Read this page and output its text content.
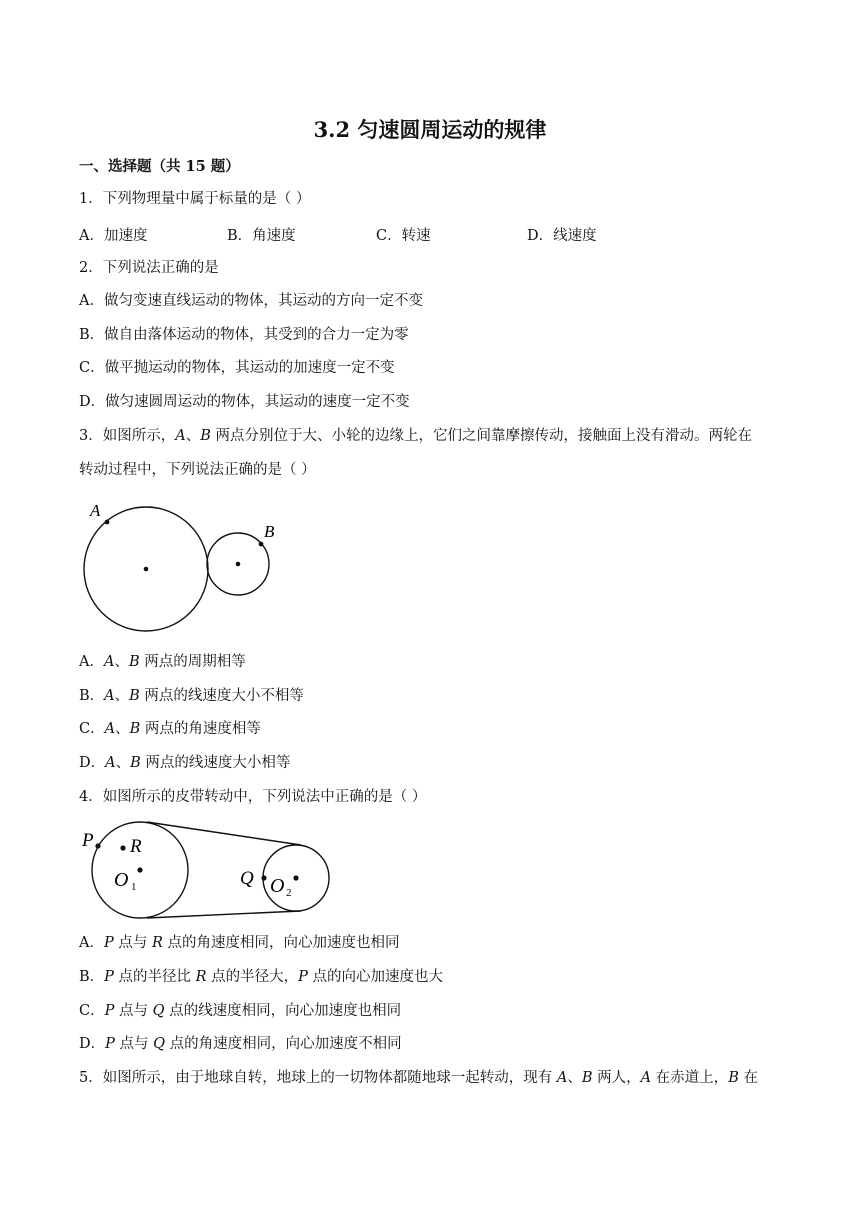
3.2 匀速圆周运动的规律
一、选择题（共 15 题）
1．下列物理量中属于标量的是（ ）
A．加速度	B．角速度	C．转速	D．线速度
2．下列说法正确的是
A．做匀变速直线运动的物体，其运动的方向一定不变
B．做自由落体运动的物体，其受到的合力一定为零
C．做平抛运动的物体，其运动的加速度一定不变
D．做匀速圆周运动的物体，其运动的速度一定不变
3．如图所示，A、B 两点分别位于大、小轮的边缘上，它们之间靠摩擦传动，接触面上没有滑动。两轮在
转动过程中，下列说法正确的是（ ）
A
B
A．A、B 两点的周期相等
B．A、B 两点的线速度大小不相等
C．A、B 两点的角速度相等
D．A、B 两点的线速度大小相等
4．如图所示的皮带转动中，下列说法中正确的是（ ）
P R
O 1	Q O 2
A．P 点与 R 点的角速度相同，向心加速度也相同
B．P 点的半径比 R 点的半径大，P 点的向心加速度也大
C．P 点与 Q 点的线速度相同，向心加速度也相同
D．P 点与 Q 点的角速度相同，向心加速度不相同
5．如图所示，由于地球自转，地球上的一切物体都随地球一起转动，现有 A、B 两人，A 在赤道上，B 在
